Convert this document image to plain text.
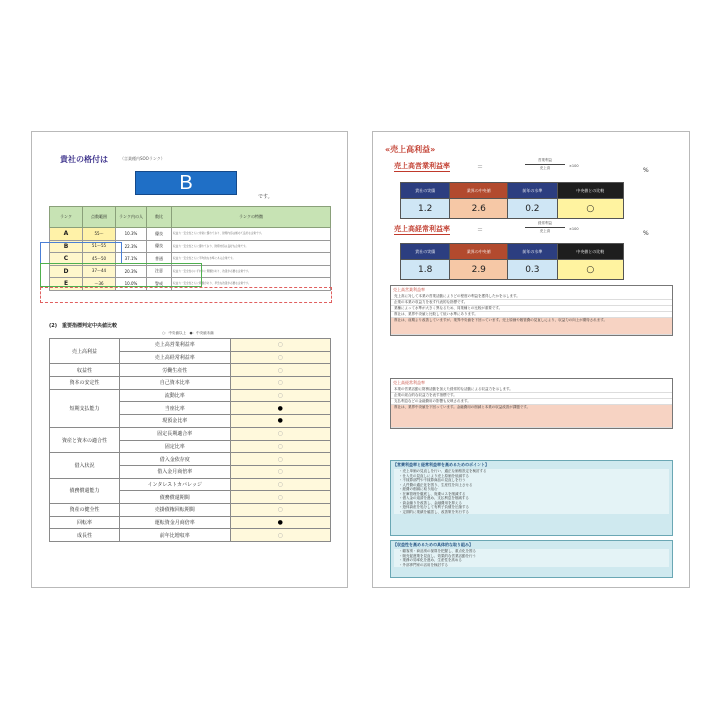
貴社の格付は	（言業種内SOOランク）
B
です。
ランク	点数範囲	ランク内の人	数比	ランクの特徴
A	55～	10.3%	優良	収益力・安全性ともに非常に優れており、財務内容は極めて良好な企業です。
B	51～55	22.3%	優良	収益力・安全性ともに優れており、財務内容は良好な企業です。
C	45～50	37.1%	普通	収益力・安全性ともに平均的な水準にある企業です。
D	37～44	20.3%	注意	収益力・安全性のいずれかに問題があり、改善が必要な企業です。
E	～36	10.0%	警戒	収益力・安全性ともに問題があり、早急な改善が必要な企業です。
(2)　重要指標判定中央値比較
○：中央値以上　●：中央値未満
売上高利益	売上高営業利益率	○
	売上高経常利益率	○
収益性	労働生産性	○
資本の安定性	自己資本比率	○
短期支払能力	流動比率	○
	当座比率	●
	現預金比率	●
資産と資本の適合性	固定長期適合率	○
	固定比率	○
借入状況	借入金依存度	○
	借入金月商倍率	○
債務償還能力	インタレストカバレッジ	○
	債務償還期間	○
資産の健全性	売掛債権回転期間	○
回転率	運転資金月商倍率	●
成長性	前年比増収率	○
«売上高利益»
売上高営業利益率	＝
営業利益
売上高	×100
%
貴社の実績	業界の中央値	前年の水準	中央値との比較
1.2	2.6	0.2	○
売上高経常利益率	＝
経常利益
売上高	×100
%
貴社の実績	業界の中央値	前年の水準	中央値との比較
1.8	2.9	0.3	○
売上高営業利益率
売上高に対して本業の営業活動によりどの程度の利益を獲得したかを示します。
企業の本業の収益力を表す代表的な指標です。
業種によって水準が大きく異なるため、同業種との比較が重要です。
貴社は、業界中央値と比較して低い水準にあります。
貴社は、前期より改善していますが、業界中央値を下回っています。売上原価や販管費の見直しにより、収益力の向上が期待されます。
売上高経常利益率
本業の営業活動に財務活動を加えた経常的な活動による収益力を示します。
企業の総合的な収益力を表す指標です。
支払利息などの金融費用の影響も反映されます。
貴社は、業界中央値を下回っています。金融費用の削減と本業の収益改善が課題です。
【営業利益率と経常利益率を高めるためのポイント】
・売上単価の見直しを行い、適正な価格設定を検討する
・仕入先の見直しにより売上原価を低減する
・不採算部門や不採算商品の見直しを行う
・人件費の適正化を図り、生産性を向上させる
・経費の削減に取り組む
・在庫管理を徹底し、廃棄ロスを削減する
・借入金の返済を進め、支払利息を削減する
・資金繰りを改善し、金融費用を抑える
・遊休資産を処分して有利子負債を圧縮する
・定期的に業績を確認し、改善策を実行する
【収益性を高めるための具体的な取り組み】
・顧客別・商品別の採算を把握し、重点化を図る
・販売促進策を見直し、効果的な営業活動を行う
・業務の効率化を進め、生産性を高める
・外部専門家の活用を検討する
